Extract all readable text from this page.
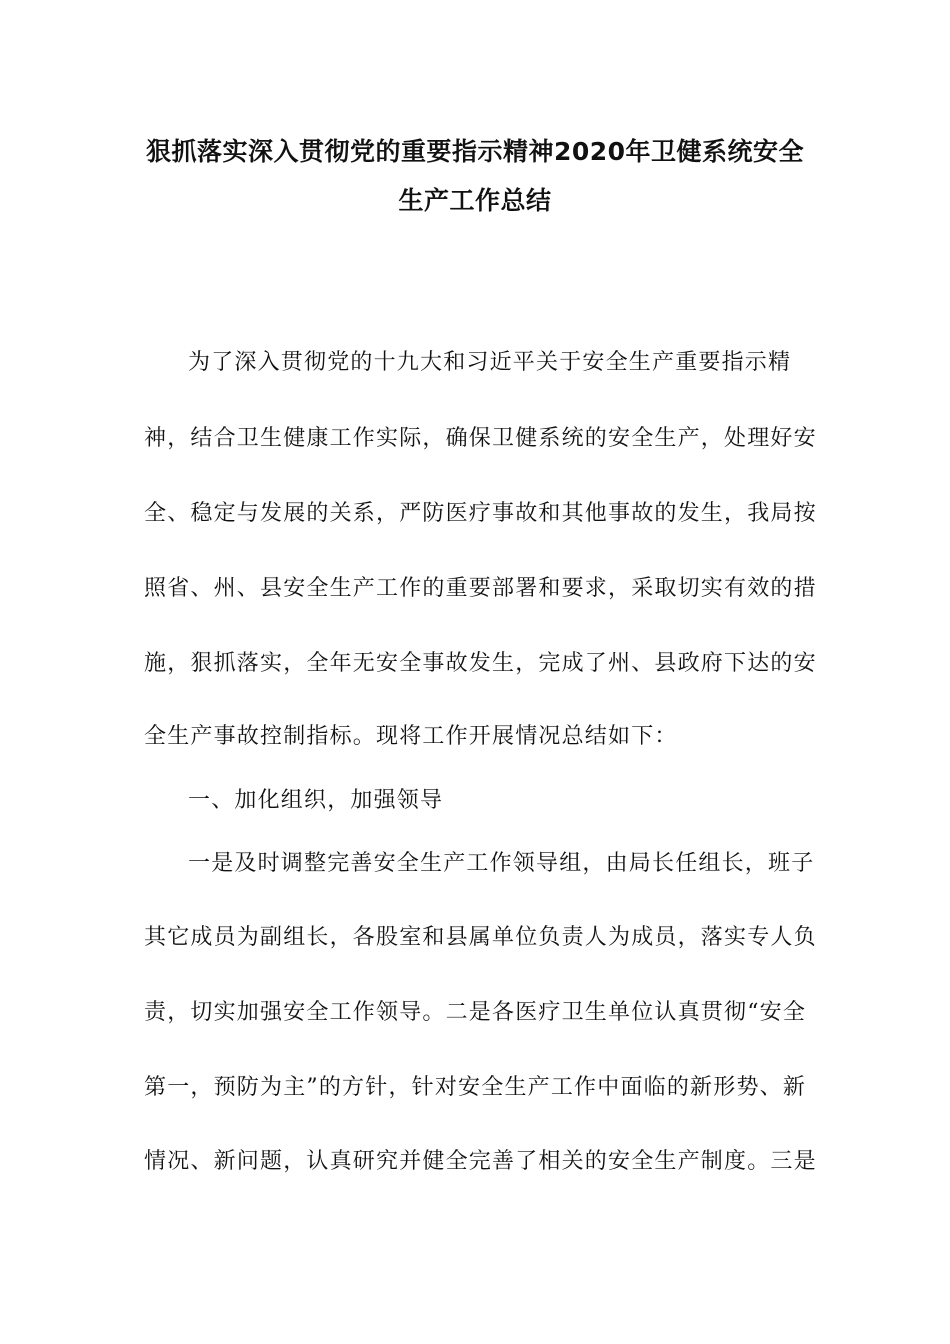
狠抓落实深入贯彻党的重要指示精神2020年卫健系统安全
生产工作总结

为了深入贯彻党的十九大和习近平关于安全生产重要指示精

神，结合卫生健康工作实际，确保卫健系统的安全生产，处理好安

全、稳定与发展的关系，严防医疗事故和其他事故的发生，我局按

照省、州、县安全生产工作的重要部署和要求，采取切实有效的措

施，狠抓落实，全年无安全事故发生，完成了州、县政府下达的安

全生产事故控制指标。现将工作开展情况总结如下：

一、加化组织，加强领导

一是及时调整完善安全生产工作领导组，由局长任组长，班子

其它成员为副组长，各股室和县属单位负责人为成员，落实专人负

责，切实加强安全工作领导。二是各医疗卫生单位认真贯彻“安全

第一，预防为主”的方针，针对安全生产工作中面临的新形势、新

情况、新问题，认真研究并健全完善了相关的安全生产制度。三是
